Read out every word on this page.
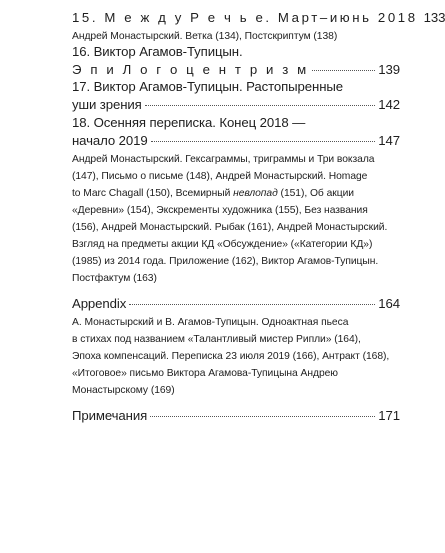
15. М е ж д у Р е ч ь е. Март–июнь 2018 133
Андрей Монастырский. Ветка (134), Постскриптум (138)
16. Виктор Агамов-Тупицын.
Э п и Л о г о ц е н т р и з м	139
17. Виктор Агамов-Тупицын. Растопыренные
уши зрения	142
18. Осенняя переписка. Конец 2018 —
начало 2019	147
Андрей Монастырский. Гексаграммы, триграммы и Три вокзала
(147), Письмо о письме (148), Андрей Монастырский. Homage
to Marc Chagall (150), Всемирный невлопад (151), Об акции
«Деревни» (154), Экскременты художника (155), Без названия
(156), Андрей Монастырский. Рыбак (161), Андрей Монастырский.
Взгляд на предметы акции КД «Обсуждение» («Категории КД»)
(1985) из 2014 года. Приложение (162), Виктор Агамов-Тупицын.
Постфактум (163)
Appendix	164
А. Монастырский и В. Агамов-Тупицын. Одноактная пьеса
в стихах под названием «Талантливый мистер Рипли» (164),
Эпоха компенсаций. Переписка 23 июля 2019 (166), Антракт (168),
«Итоговое» письмо Виктора Агамова-Тупицына Андрею
Монастырскому (169)
Примечания	171
